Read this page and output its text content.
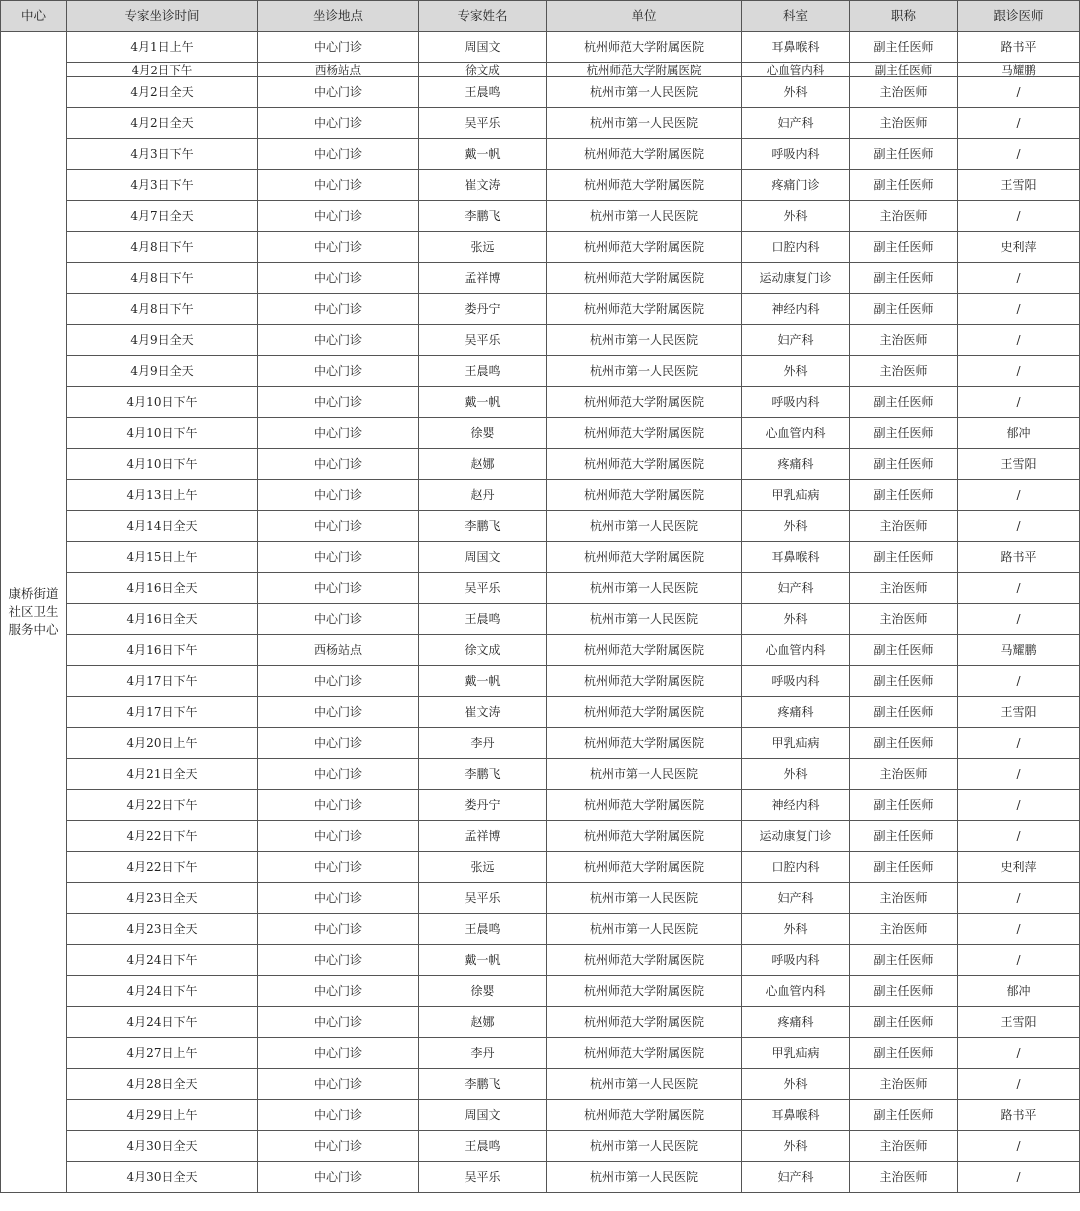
中心	专家坐诊时间	坐诊地点	专家姓名	单位	科室	职称	跟诊医师

康桥街道
社区卫生
服务中心	4月1日上午	中心门诊	周国文	杭州师范大学附属医院	耳鼻喉科	副主任医师	路书平
	4月2日下午	西杨站点	徐文成	杭州师范大学附属医院	心血管内科	副主任医师	马耀鹏
	4月2日全天	中心门诊	王晨鸣	杭州市第一人民医院	外科	主治医师	/
	4月2日全天	中心门诊	吴平乐	杭州市第一人民医院	妇产科	主治医师	/
	4月3日下午	中心门诊	戴一帆	杭州师范大学附属医院	呼吸内科	副主任医师	/
	4月3日下午	中心门诊	崔文涛	杭州师范大学附属医院	疼痛门诊	副主任医师	王雪阳
	4月7日全天	中心门诊	李鹏飞	杭州市第一人民医院	外科	主治医师	/
	4月8日下午	中心门诊	张远	杭州师范大学附属医院	口腔内科	副主任医师	史利萍
	4月8日下午	中心门诊	孟祥博	杭州师范大学附属医院	运动康复门诊	副主任医师	/
	4月8日下午	中心门诊	娄丹宁	杭州师范大学附属医院	神经内科	副主任医师	/
	4月9日全天	中心门诊	吴平乐	杭州市第一人民医院	妇产科	主治医师	/
	4月9日全天	中心门诊	王晨鸣	杭州市第一人民医院	外科	主治医师	/
	4月10日下午	中心门诊	戴一帆	杭州师范大学附属医院	呼吸内科	副主任医师	/
	4月10日下午	中心门诊	徐婴	杭州师范大学附属医院	心血管内科	副主任医师	郁冲
	4月10日下午	中心门诊	赵娜	杭州师范大学附属医院	疼痛科	副主任医师	王雪阳
	4月13日上午	中心门诊	赵丹	杭州师范大学附属医院	甲乳疝病	副主任医师	/
	4月14日全天	中心门诊	李鹏飞	杭州市第一人民医院	外科	主治医师	/
	4月15日上午	中心门诊	周国文	杭州师范大学附属医院	耳鼻喉科	副主任医师	路书平
	4月16日全天	中心门诊	吴平乐	杭州市第一人民医院	妇产科	主治医师	/
	4月16日全天	中心门诊	王晨鸣	杭州市第一人民医院	外科	主治医师	/
	4月16日下午	西杨站点	徐文成	杭州师范大学附属医院	心血管内科	副主任医师	马耀鹏
	4月17日下午	中心门诊	戴一帆	杭州师范大学附属医院	呼吸内科	副主任医师	/
	4月17日下午	中心门诊	崔文涛	杭州师范大学附属医院	疼痛科	副主任医师	王雪阳
	4月20日上午	中心门诊	李丹	杭州师范大学附属医院	甲乳疝病	副主任医师	/
	4月21日全天	中心门诊	李鹏飞	杭州市第一人民医院	外科	主治医师	/
	4月22日下午	中心门诊	娄丹宁	杭州师范大学附属医院	神经内科	副主任医师	/
	4月22日下午	中心门诊	孟祥博	杭州师范大学附属医院	运动康复门诊	副主任医师	/
	4月22日下午	中心门诊	张远	杭州师范大学附属医院	口腔内科	副主任医师	史利萍
	4月23日全天	中心门诊	吴平乐	杭州市第一人民医院	妇产科	主治医师	/
	4月23日全天	中心门诊	王晨鸣	杭州市第一人民医院	外科	主治医师	/
	4月24日下午	中心门诊	戴一帆	杭州师范大学附属医院	呼吸内科	副主任医师	/
	4月24日下午	中心门诊	徐婴	杭州师范大学附属医院	心血管内科	副主任医师	郁冲
	4月24日下午	中心门诊	赵娜	杭州师范大学附属医院	疼痛科	副主任医师	王雪阳
	4月27日上午	中心门诊	李丹	杭州师范大学附属医院	甲乳疝病	副主任医师	/
	4月28日全天	中心门诊	李鹏飞	杭州市第一人民医院	外科	主治医师	/
	4月29日上午	中心门诊	周国文	杭州师范大学附属医院	耳鼻喉科	副主任医师	路书平
	4月30日全天	中心门诊	王晨鸣	杭州市第一人民医院	外科	主治医师	/
	4月30日全天	中心门诊	吴平乐	杭州市第一人民医院	妇产科	主治医师	/
